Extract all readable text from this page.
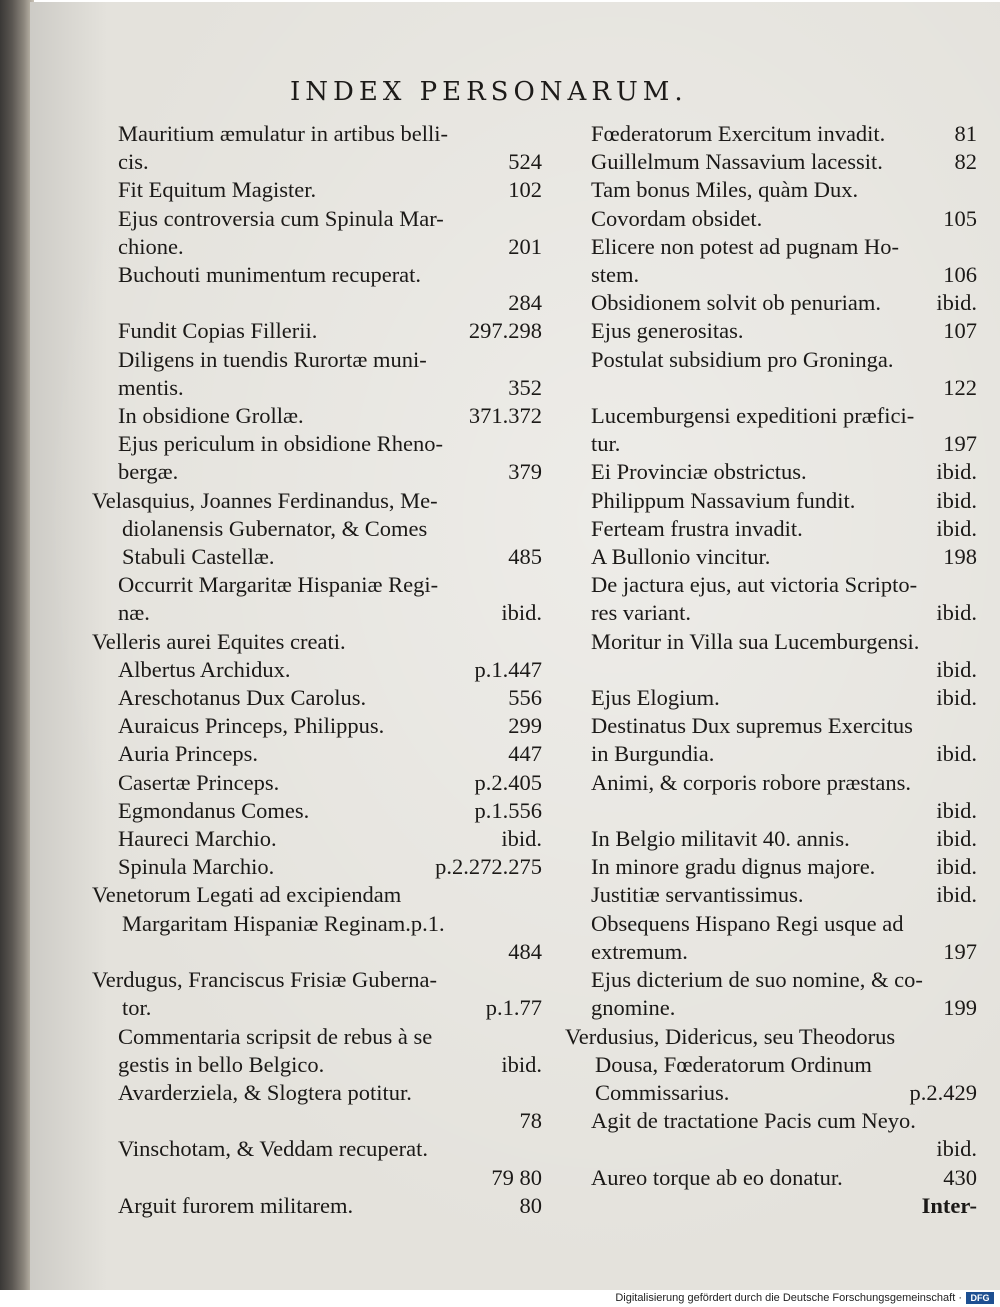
INDEX PERSONARUM.
Mauritium æmulatur in artibus belli-
cis.	524
Fit Equitum Magister.	102
Ejus controversia cum Spinula Mar-
chione.	201
Buchouti munimentum recuperat.
284
Fundit Copias Fillerii.	297.298
Diligens in tuendis Rurortæ muni-
mentis.	352
In obsidione Grollæ.	371.372
Ejus periculum in obsidione Rheno-
bergæ.	379
Velasquius, Joannes Ferdinandus, Me-
diolanensis Gubernator, & Comes
Stabuli Castellæ.	485
Occurrit Margaritæ Hispaniæ Regi-
næ.	ibid.
Velleris aurei Equites creati.
Albertus Archidux.	p.1.447
Areschotanus Dux Carolus.	556
Auraicus Princeps, Philippus.	299
Auria Princeps.	447
Casertæ Princeps.	p.2.405
Egmondanus Comes.	p.1.556
Haureci Marchio.	ibid.
Spinula Marchio.	p.2.272.275
Venetorum Legati ad excipiendam
Margaritam Hispaniæ Reginam.p.1.
484
Verdugus, Franciscus Frisiæ Guberna-
tor.	p.1.77
Commentaria scripsit de rebus à se
gestis in bello Belgico.	ibid.
Avarderziela, & Slogtera potitur.
78
Vinschotam, & Veddam recuperat.
79 80
Arguit furorem militarem.	80
Fœderatorum Exercitum invadit.	81
Guillelmum Nassavium lacessit.	82
Tam bonus Miles, quàm Dux.
Covordam obsidet.	105
Elicere non potest ad pugnam Ho-
stem.	106
Obsidionem solvit ob penuriam. ibid.
Ejus generositas.	107
Postulat subsidium pro Groninga.
122
Lucemburgensi expeditioni præfici-
tur.	197
Ei Provinciæ obstrictus.	ibid.
Philippum Nassavium fundit.	ibid.
Ferteam frustra invadit.	ibid.
A Bullonio vincitur.	198
De jactura ejus, aut victoria Scripto-
res variant.	ibid.
Moritur in Villa sua Lucemburgensi.
ibid.
Ejus Elogium.	ibid.
Destinatus Dux supremus Exercitus
in Burgundia.	ibid.
Animi, & corporis robore præstans.
ibid.
In Belgio militavit 40. annis.	ibid.
In minore gradu dignus majore.	ibid.
Justitiæ servantissimus.	ibid.
Obsequens Hispano Regi usque ad
extremum.	197
Ejus dicterium de suo nomine, & co-
gnomine.	199
Verdusius, Didericus, seu Theodorus
Dousa, Fœderatorum Ordinum
Commissarius.	p.2.429
Agit de tractatione Pacis cum Neyo.
ibid.
Aureo torque ab eo donatur.	430
Inter-
Digitalisierung gefördert durch die Deutsche Forschungsgemeinschaft · DFG
